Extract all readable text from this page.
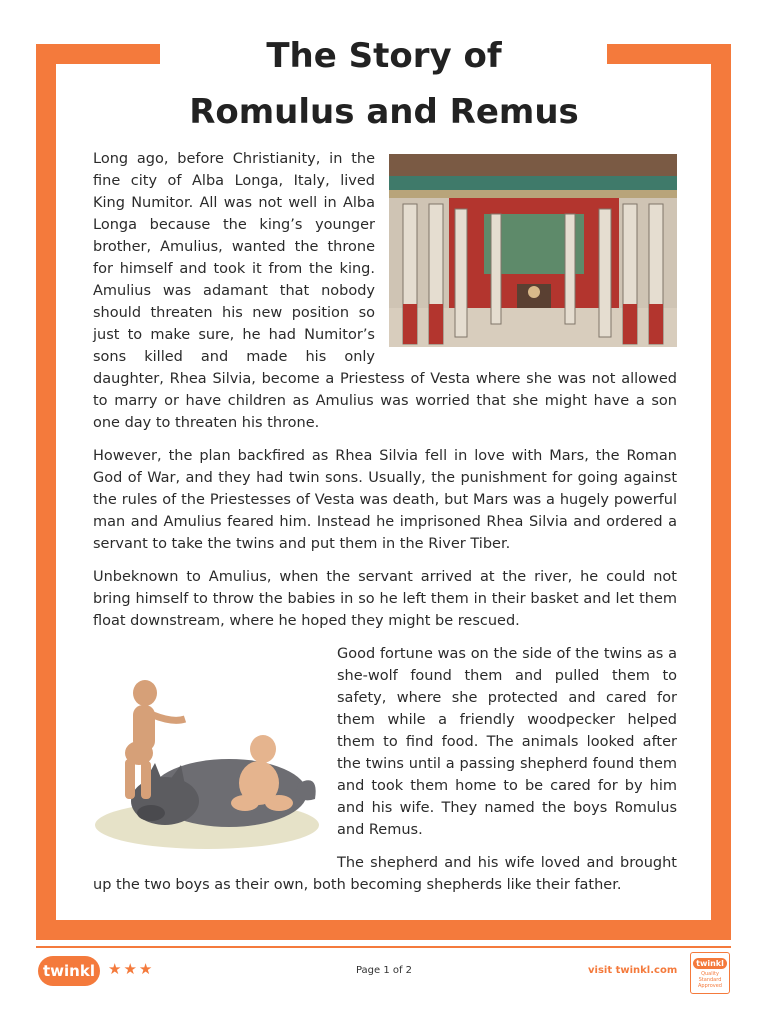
The Story of
Romulus and Remus

Long ago, before Christianity, in the fine city of Alba Longa, Italy, lived King Numitor. All was not well in Alba Longa because the king’s younger brother, Amulius, wanted the throne for himself and took it from the king. Amulius was adamant that nobody should threaten his new position so just to make sure, he had Numitor’s sons killed and made his only daughter, Rhea Silvia, become a Priestess of Vesta where she was not allowed to marry or have children as Amulius was worried that she might have a son one day to threaten his throne.

However, the plan backfired as Rhea Silvia fell in love with Mars, the Roman God of War, and they had twin sons. Usually, the punishment for going against the rules of the Priestesses of Vesta was death, but Mars was a hugely powerful man and Amulius feared him. Instead he imprisoned Rhea Silvia and ordered a servant to take the twins and put them in the River Tiber.

Unbeknown to Amulius, when the servant arrived at the river, he could not bring himself to throw the babies in so he left them in their basket and let them float downstream, where he hoped they might be rescued.

Good fortune was on the side of the twins as a she-wolf found them and pulled them to safety, where she protected and cared for them while a friendly woodpecker helped them to find food. The animals looked after the twins until a passing shepherd found them and took them home to be cared for by him and his wife. They named the boys Romulus and Remus.

The shepherd and his wife loved and brought up the two boys as their own, both becoming shepherds like their father.

twinkl ★★★	Page 1 of 2	visit twinkl.com
twinkl
Quality Standard Approved
